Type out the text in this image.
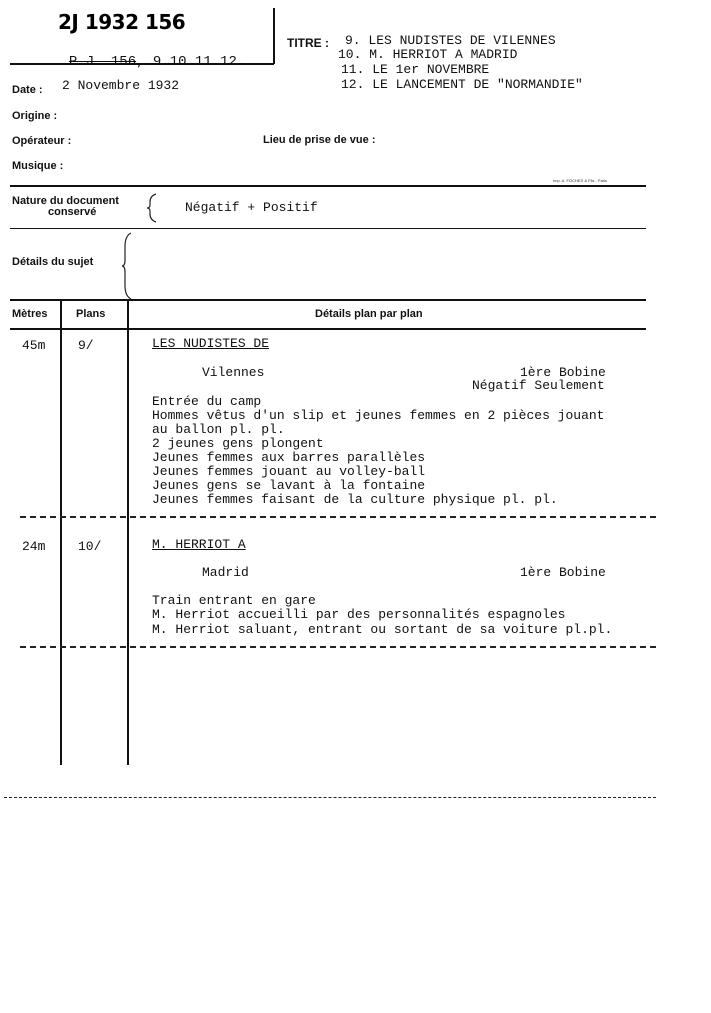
2J 1932 156

P.J. 156, 9.10.11.12.

TITRE : 9. LES NUDISTES DE VILENNES
10. M. HERRIOT A MADRID
11. LE 1er NOVEMBRE
12. LE LANCEMENT DE "NORMANDIE"
Date : 2 Novembre 1932
Origine :
Opérateur :	Lieu de prise de vue :
Musique :
Imp. A. FOCHES & Fils - Paris
Nature du document
conservé	Négatif + Positif
Détails du sujet
Mètres	Plans	Détails plan par plan
45m	9/	LES NUDISTES DE
Vilennes	1ère Bobine
Négatif Seulement
Entrée du camp
Hommes vêtus d'un slip et jeunes femmes en 2 pièces jouant
au ballon pl. pl.
2 jeunes gens plongent
Jeunes femmes aux barres parallèles
Jeunes femmes jouant au volley-ball
Jeunes gens se lavant à la fontaine
Jeunes femmes faisant de la culture physique pl. pl.
24m	10/	M. HERRIOT A
Madrid	1ère Bobine
Train entrant en gare
M. Herriot accueilli par des personnalités espagnoles
M. Herriot saluant, entrant ou sortant de sa voiture pl.pl.
